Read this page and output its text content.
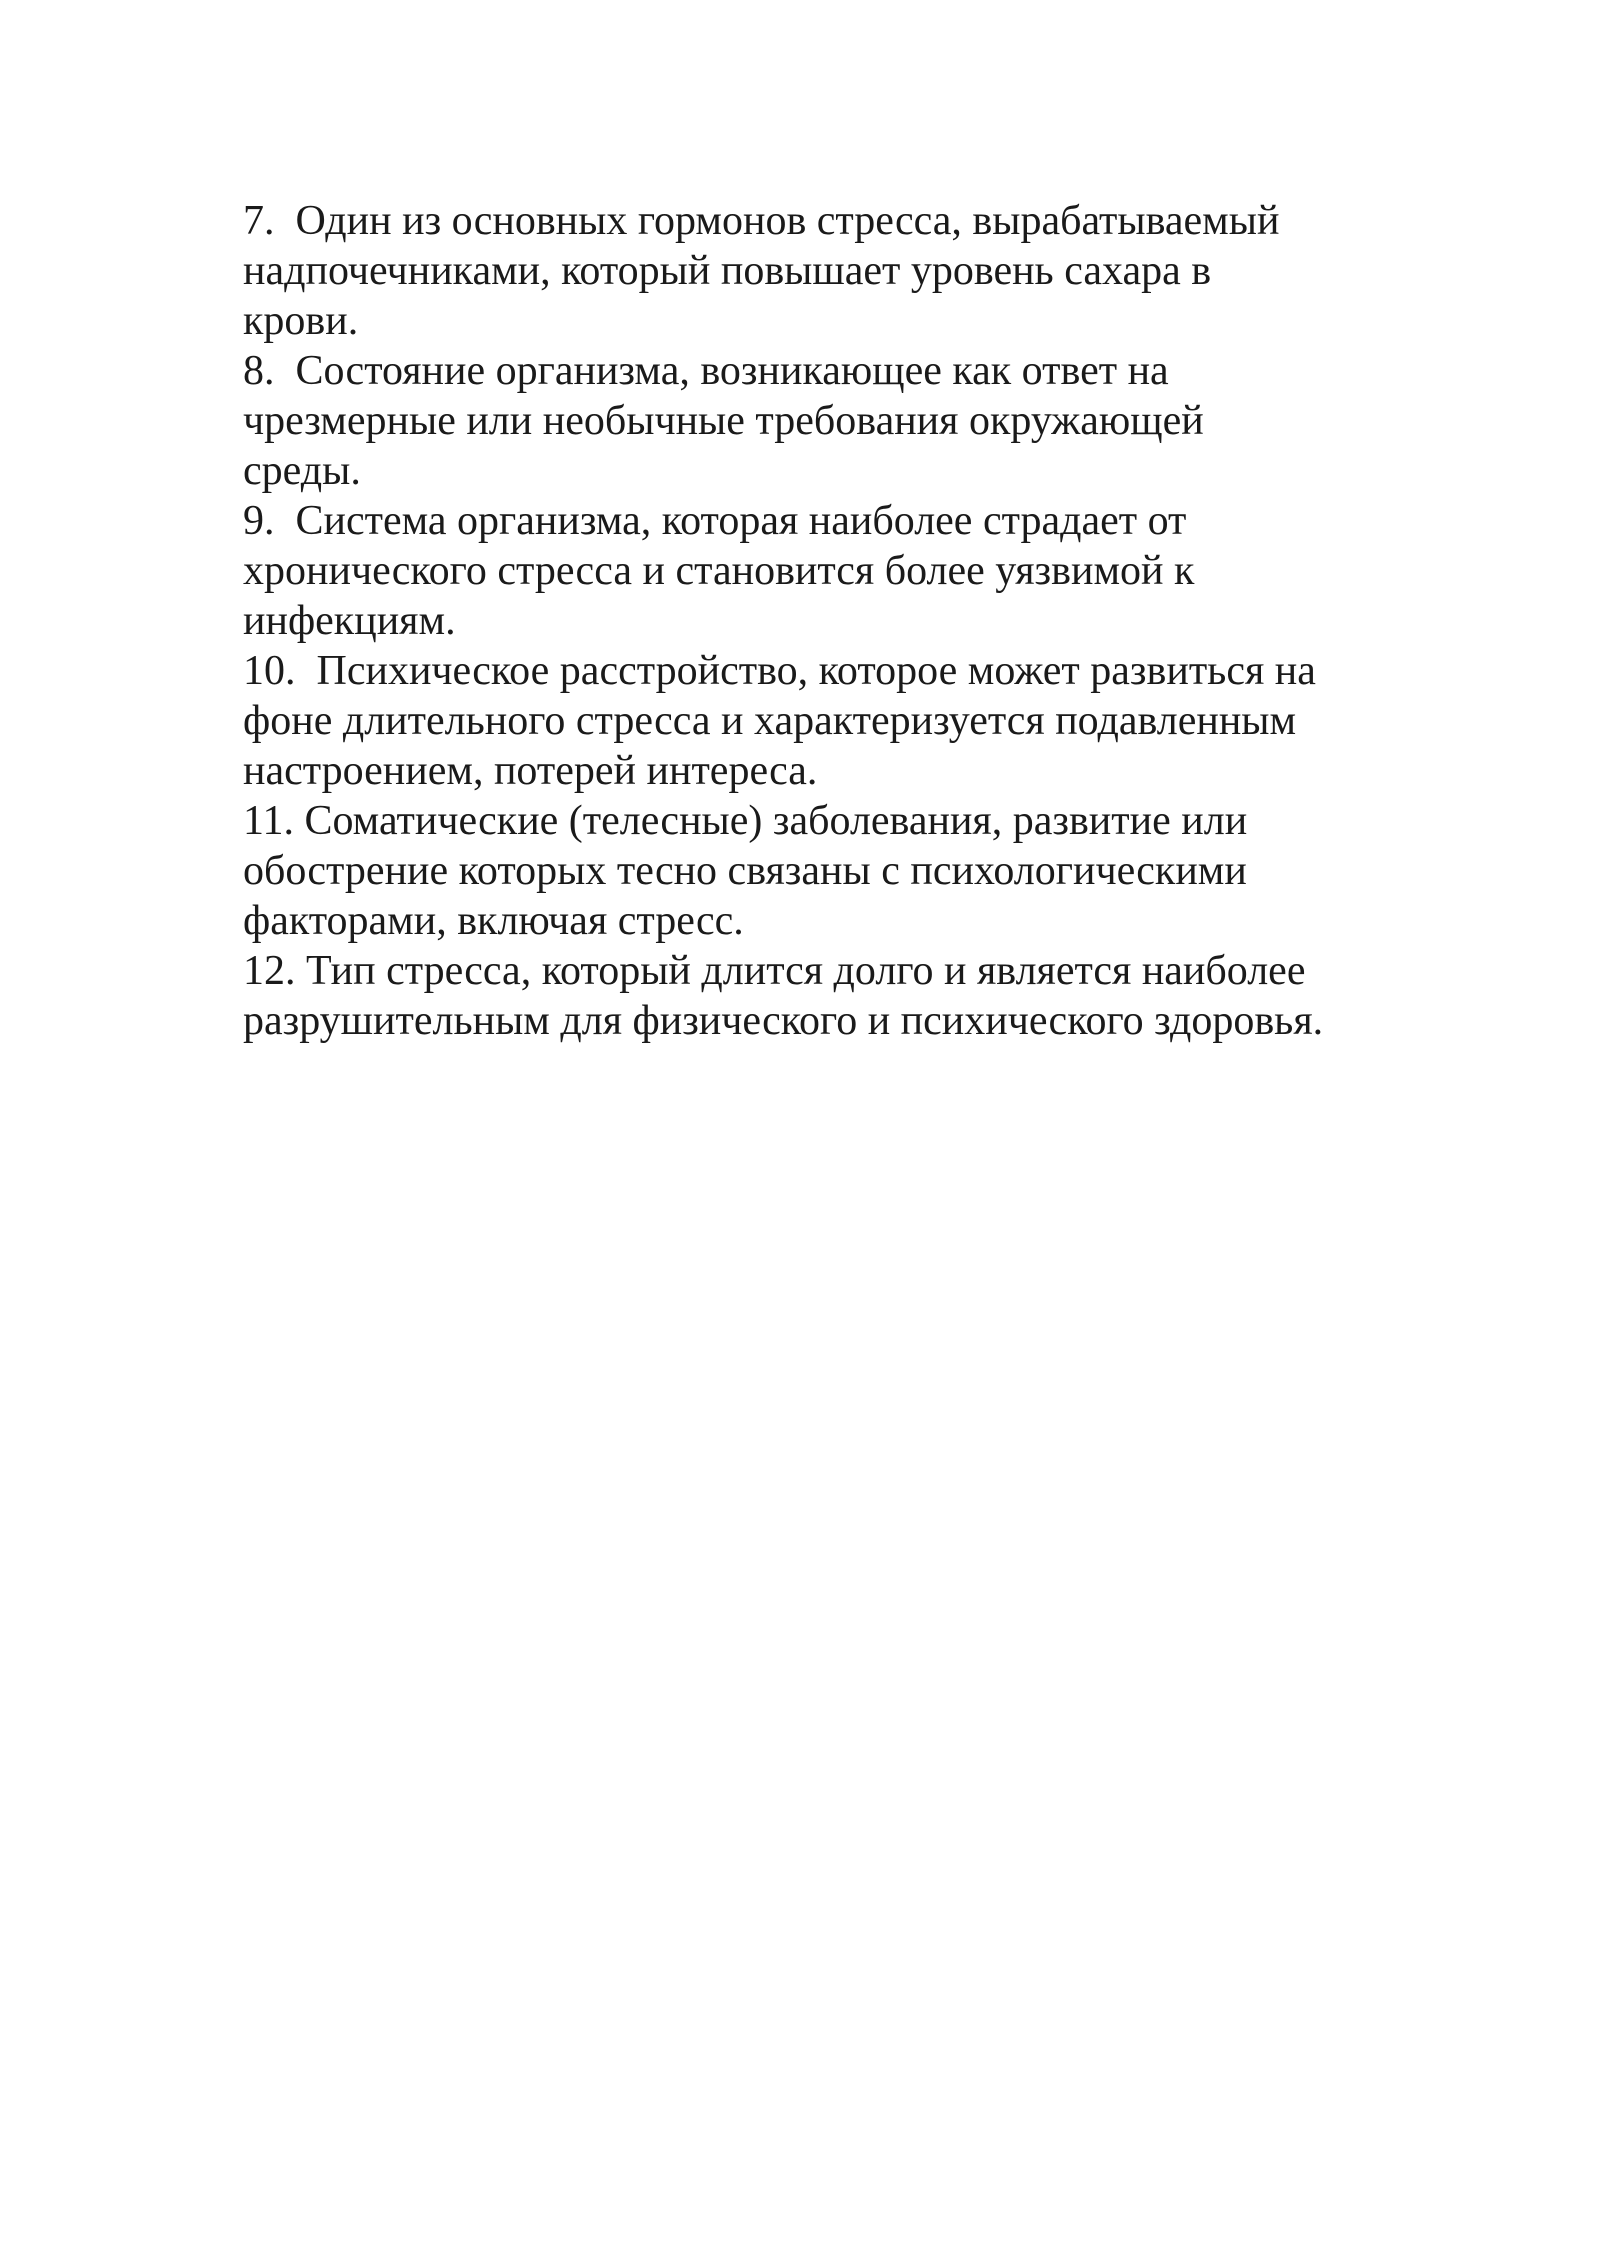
7.  Один из основных гормонов стресса, вырабатываемый
надпочечниками, который повышает уровень сахара в
крови.
8.  Состояние организма, возникающее как ответ на
чрезмерные или необычные требования окружающей
среды.
9.  Система организма, которая наиболее страдает от
хронического стресса и становится более уязвимой к
инфекциям.
10.  Психическое расстройство, которое может развиться на
фоне длительного стресса и характеризуется подавленным
настроением, потерей интереса.
11. Соматические (телесные) заболевания, развитие или
обострение которых тесно связаны с психологическими
факторами, включая стресс.
12. Тип стресса, который длится долго и является наиболее
разрушительным для физического и психического здоровья.
